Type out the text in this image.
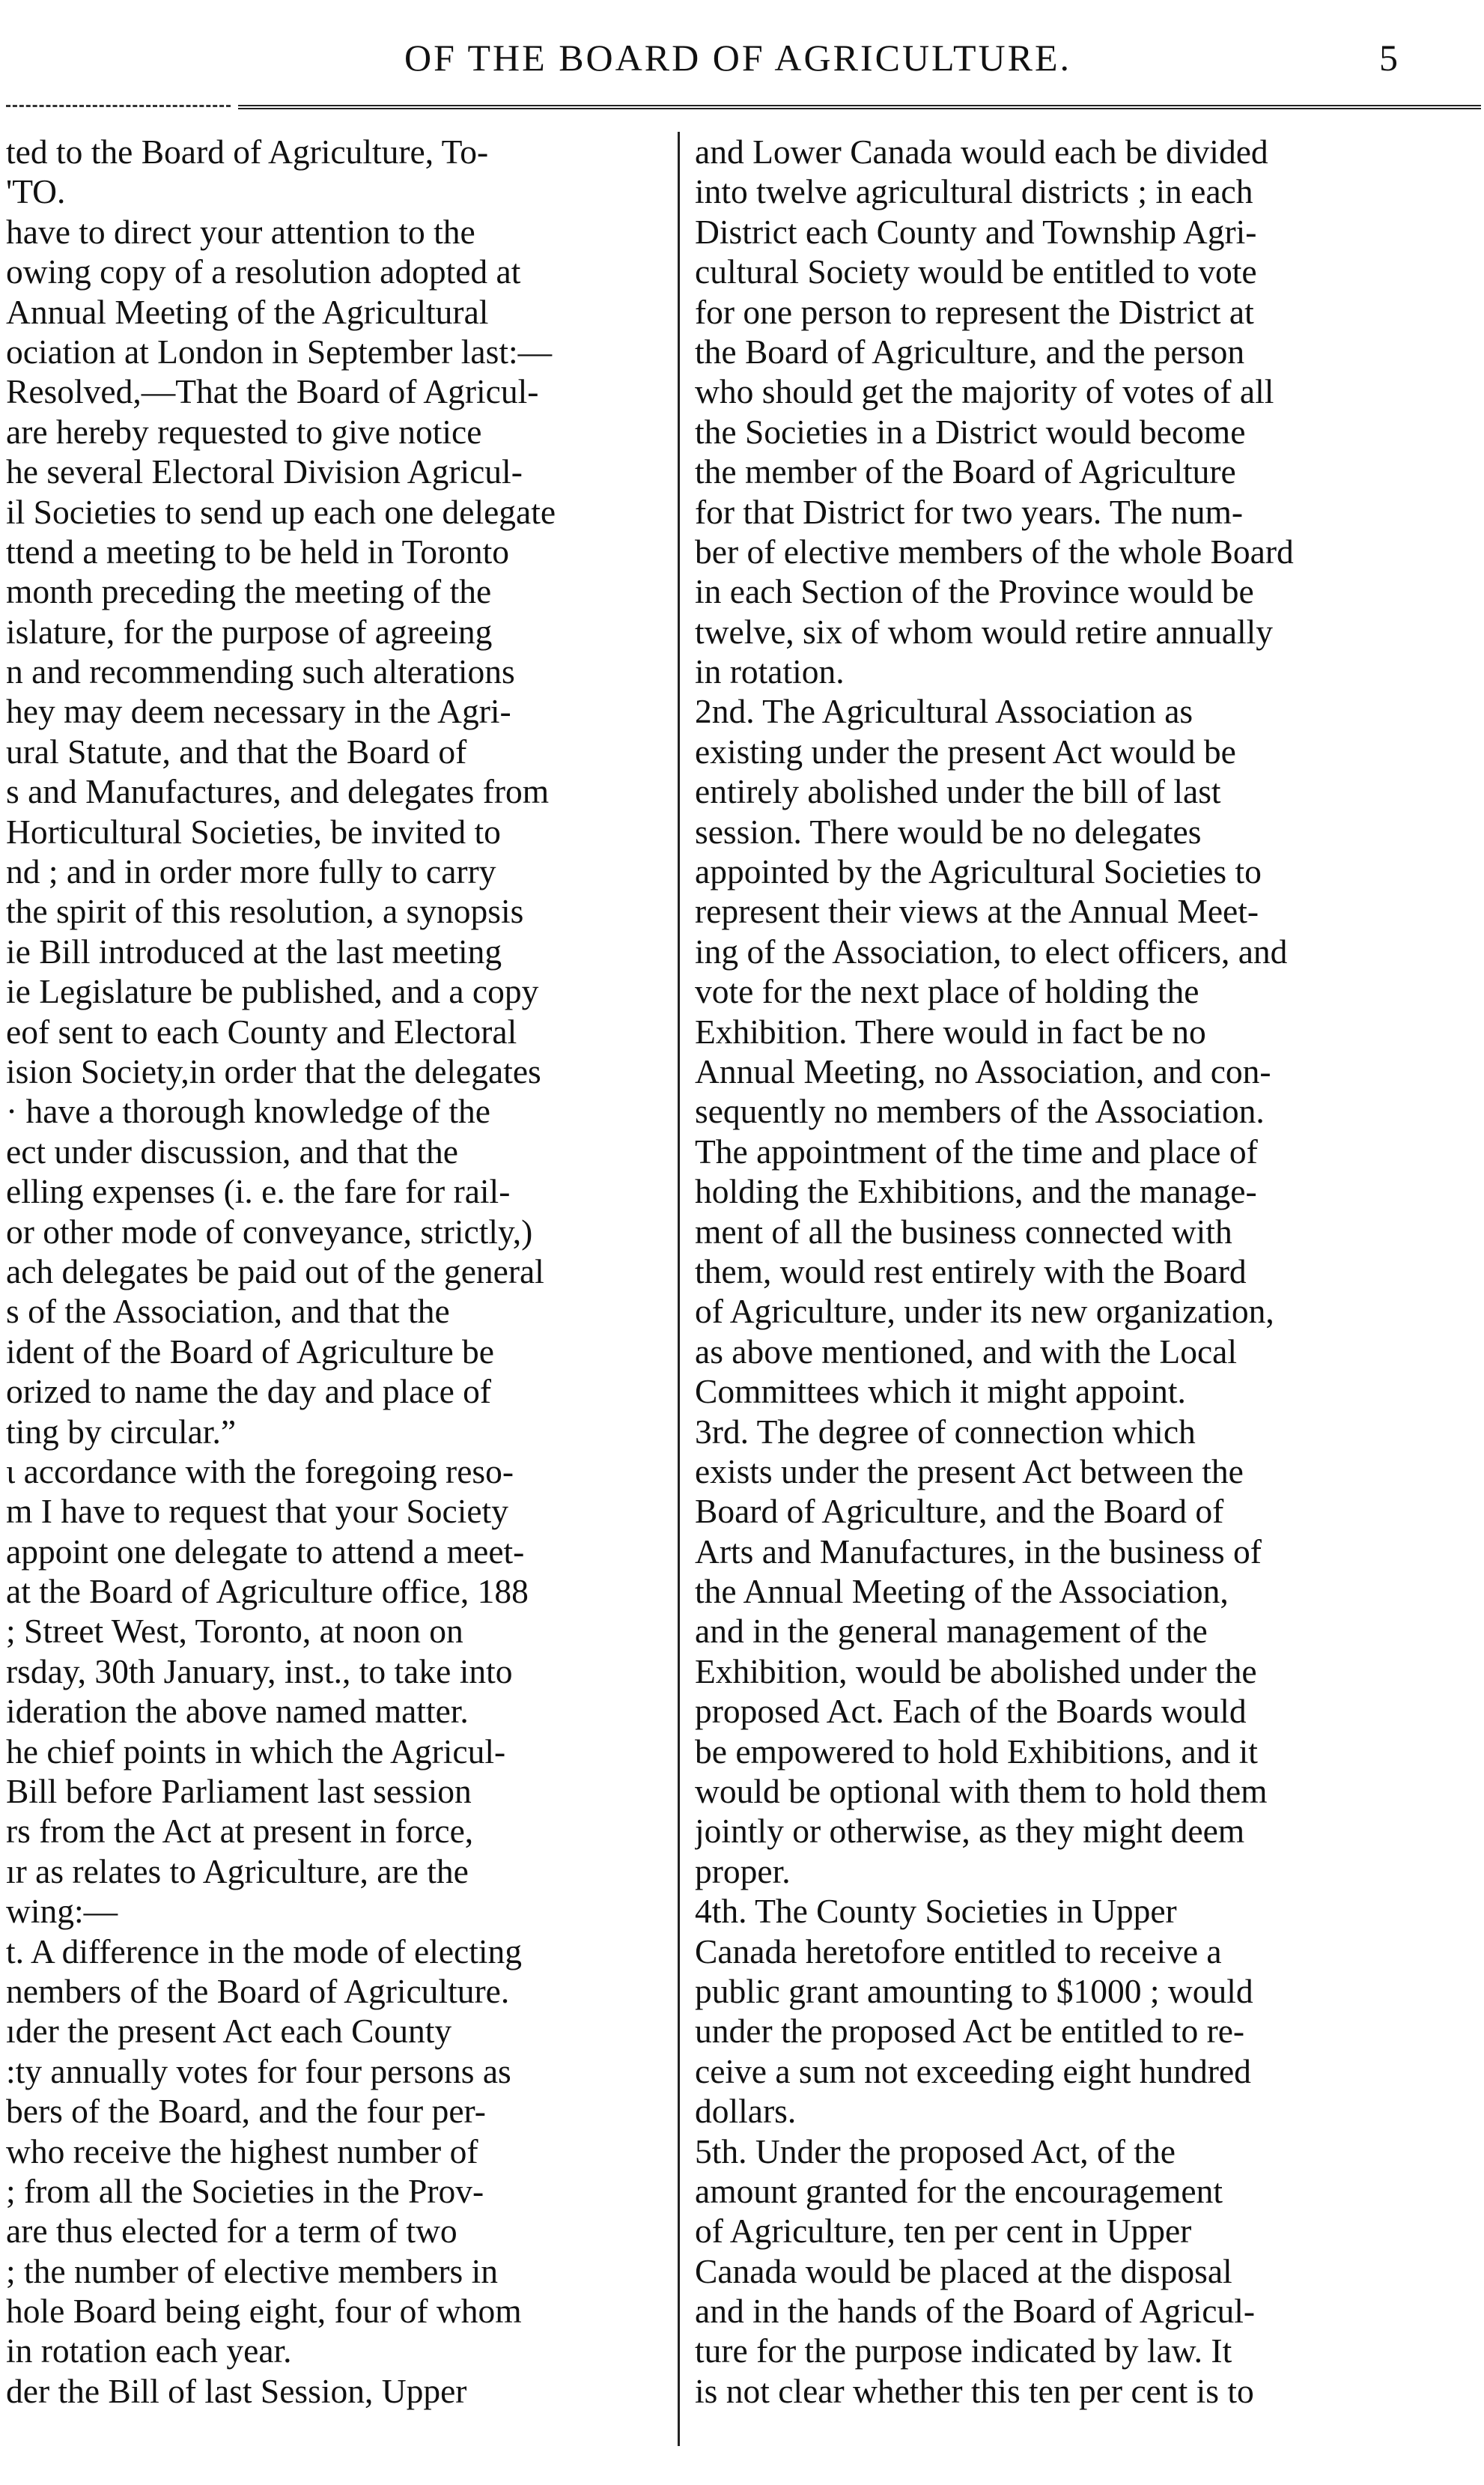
OF THE BOARD OF AGRICULTURE.	5
ted to the Board of Agriculture, To-
'TO.
have to direct your attention to the
owing copy of a resolution adopted at
Annual Meeting of the Agricultural
ociation at London in September last:—
Resolved,—That the Board of Agricul-
are hereby requested to give notice
he several Electoral Division Agricul-
il Societies to send up each one delegate
ttend a meeting to be held in Toronto
month preceding the meeting of the
islature, for the purpose of agreeing
n and recommending such alterations
hey may deem necessary in the Agri-
ural Statute, and that the Board of
s and Manufactures, and delegates from
Horticultural Societies, be invited to
nd ; and in order more fully to carry
the spirit of this resolution, a synopsis
ie Bill introduced at the last meeting
ie Legislature be published, and a copy
eof sent to each County and Electoral
ision Society,in order that the delegates
· have a thorough knowledge of the
ect under discussion, and that the
elling expenses (i. e. the fare for rail-
or other mode of conveyance, strictly,)
ach delegates be paid out of the general
s of the Association, and that the
ident of the Board of Agriculture be
orized to name the day and place of
ting by circular.”
ι accordance with the foregoing reso-
m I have to request that your Society
appoint one delegate to attend a meet-
at the Board of Agriculture office, 188
; Street West, Toronto, at noon on
rsday, 30th January, inst., to take into
ideration the above named matter.
he chief points in which the Agricul-
Bill before Parliament last session
rs from the Act at present in force,
ır as relates to Agriculture, are the
wing:—
t. A difference in the mode of electing
nembers of the Board of Agriculture.
ıder the present Act each County
:ty annually votes for four persons as
bers of the Board, and the four per-
who receive the highest number of
; from all the Societies in the Prov-
are thus elected for a term of two
; the number of elective members in
hole Board being eight, four of whom
in rotation each year.
der the Bill of last Session, Upper
and Lower Canada would each be divided
into twelve agricultural districts ; in each
District each County and Township Agri-
cultural Society would be entitled to vote
for one person to represent the District at
the Board of Agriculture, and the person
who should get the majority of votes of all
the Societies in a District would become
the member of the Board of Agriculture
for that District for two years. The num-
ber of elective members of the whole Board
in each Section of the Province would be
twelve, six of whom would retire annually
in rotation.
2nd. The Agricultural Association as
existing under the present Act would be
entirely abolished under the bill of last
session. There would be no delegates
appointed by the Agricultural Societies to
represent their views at the Annual Meet-
ing of the Association, to elect officers, and
vote for the next place of holding the
Exhibition. There would in fact be no
Annual Meeting, no Association, and con-
sequently no members of the Association.
The appointment of the time and place of
holding the Exhibitions, and the manage-
ment of all the business connected with
them, would rest entirely with the Board
of Agriculture, under its new organization,
as above mentioned, and with the Local
Committees which it might appoint.
3rd. The degree of connection which
exists under the present Act between the
Board of Agriculture, and the Board of
Arts and Manufactures, in the business of
the Annual Meeting of the Association,
and in the general management of the
Exhibition, would be abolished under the
proposed Act. Each of the Boards would
be empowered to hold Exhibitions, and it
would be optional with them to hold them
jointly or otherwise, as they might deem
proper.
4th. The County Societies in Upper
Canada heretofore entitled to receive a
public grant amounting to $1000 ; would
under the proposed Act be entitled to re-
ceive a sum not exceeding eight hundred
dollars.
5th. Under the proposed Act, of the
amount granted for the encouragement
of Agriculture, ten per cent in Upper
Canada would be placed at the disposal
and in the hands of the Board of Agricul-
ture for the purpose indicated by law. It
is not clear whether this ten per cent is to
